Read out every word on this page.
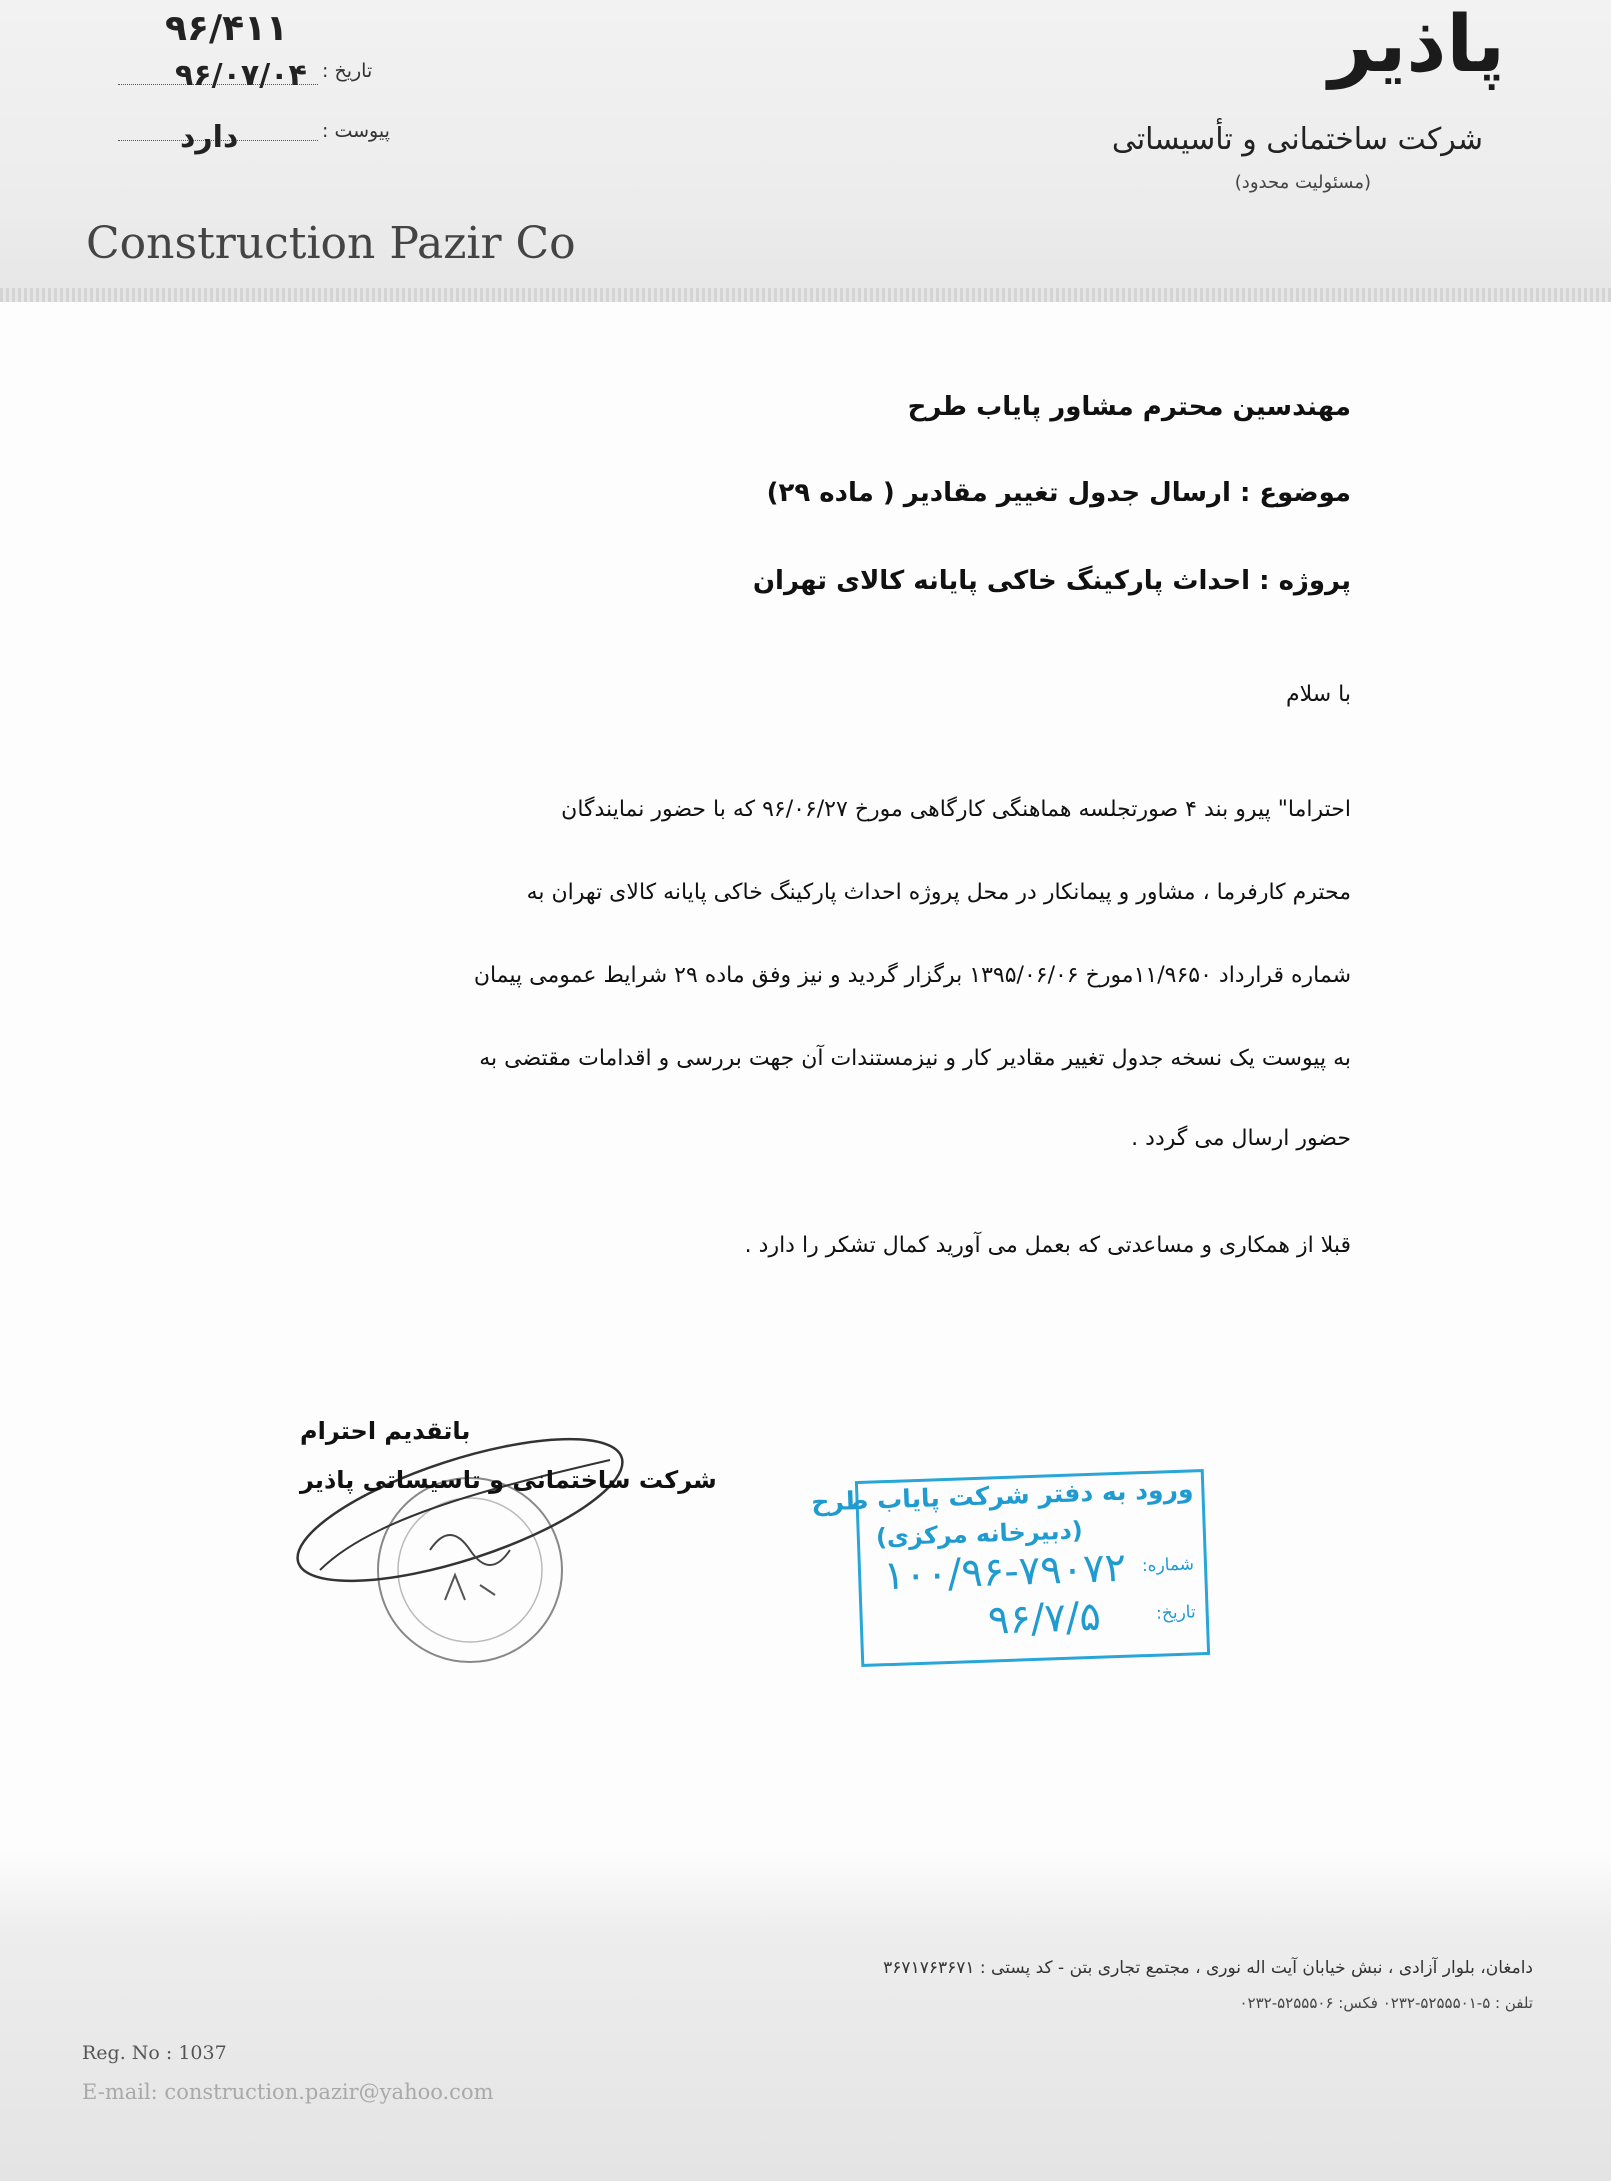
۹۶/۴۱۱
تاریخ :
۹۶/۰۷/۰۴
پیوست :
دارد
Construction Pazir Co
پاذیر
شرکت ساختمانی و تأسیساتی
(مسئولیت محدود)
مهندسین محترم مشاور پایاب طرح
موضوع : ارسال جدول تغییر مقادیر ( ماده ۲۹)
پروژه : احداث پارکینگ خاکی پایانه کالای تهران
با سلام
احتراما" پیرو بند ۴ صورتجلسه هماهنگی کارگاهی مورخ ۹۶/۰۶/۲۷ که با حضور نمایندگان
محترم کارفرما ، مشاور و پیمانکار در محل پروژه احداث پارکینگ خاکی پایانه کالای تهران به
شماره قرارداد ۱۱/۹۶۵۰مورخ ۱۳۹۵/۰۶/۰۶ برگزار گردید و نیز وفق ماده ۲۹ شرایط عمومی پیمان
به پیوست یک نسخه جدول تغییر مقادیر کار و نیزمستندات آن جهت بررسی و اقدامات مقتضی به
حضور ارسال می گردد .
قبلا از همکاری و مساعدتی که بعمل می آورید کمال تشکر را دارد .
باتقدیم احترام
شرکت ساختمانی و تاسیساتی پاذیر	ورود به دفتر شرکت پایاب طرح
(دبیرخانه مرکزی)
شماره:
۱۰۰/۹۶-۷۹۰۷۲
تاریخ:
۹۶/۷/۵
دامغان، بلوار آزادی ، نبش خیابان آیت اله نوری ، مجتمع تجاری بتن - کد پستی : ۳۶۷۱۷۶۳۶۷۱
تلفن : ۵-۵۲۵۵۵۰۱-۰۲۳۲ فکس: ۵۲۵۵۵۰۶-۰۲۳۲
Reg. No : 1037
E-mail: construction.pazir@yahoo.com
